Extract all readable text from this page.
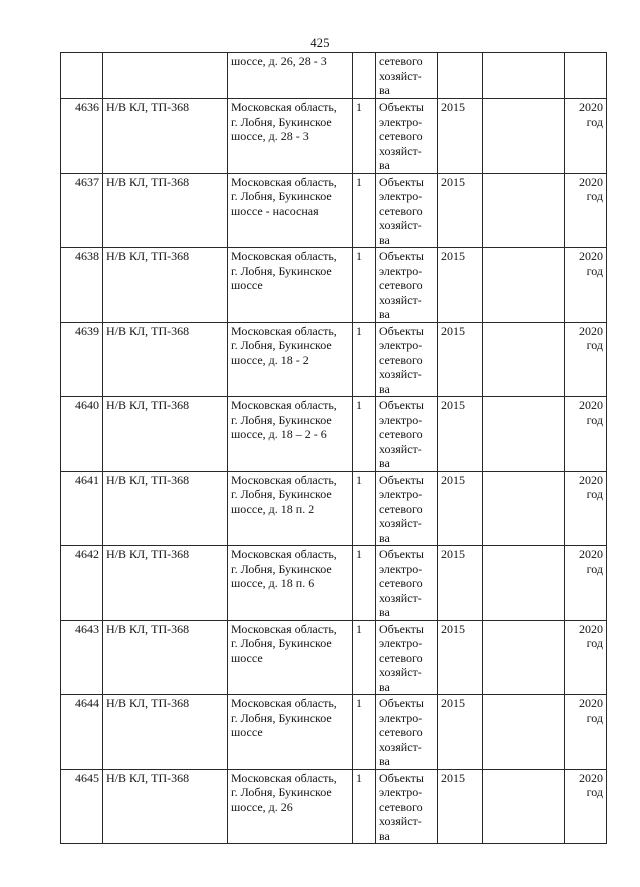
425

		шоссе, д. 26, 28 - 3		сетевого
хозяйст-
ва			

4636	Н/В КЛ, ТП-368	Московская область,
г. Лобня, Букинское
шоссе, д. 28 - 3	1	Объекты
электро-
сетевого
хозяйст-
ва	2015		2020
год

4637	Н/В КЛ, ТП-368	Московская область,
г. Лобня, Букинское
шоссе - насосная	1	Объекты
электро-
сетевого
хозяйст-
ва	2015		2020
год

4638	Н/В КЛ, ТП-368	Московская область,
г. Лобня, Букинское
шоссе	1	Объекты
электро-
сетевого
хозяйст-
ва	2015		2020
год

4639	Н/В КЛ, ТП-368	Московская область,
г. Лобня, Букинское
шоссе, д. 18 - 2	1	Объекты
электро-
сетевого
хозяйст-
ва	2015		2020
год

4640	Н/В КЛ, ТП-368	Московская область,
г. Лобня, Букинское
шоссе, д. 18 – 2 - 6	1	Объекты
электро-
сетевого
хозяйст-
ва	2015		2020
год

4641	Н/В КЛ, ТП-368	Московская область,
г. Лобня, Букинское
шоссе, д. 18 п. 2	1	Объекты
электро-
сетевого
хозяйст-
ва	2015		2020
год

4642	Н/В КЛ, ТП-368	Московская область,
г. Лобня, Букинское
шоссе, д. 18 п. 6	1	Объекты
электро-
сетевого
хозяйст-
ва	2015		2020
год

4643	Н/В КЛ, ТП-368	Московская область,
г. Лобня, Букинское
шоссе	1	Объекты
электро-
сетевого
хозяйст-
ва	2015		2020
год

4644	Н/В КЛ, ТП-368	Московская область,
г. Лобня, Букинское
шоссе	1	Объекты
электро-
сетевого
хозяйст-
ва	2015		2020
год

4645	Н/В КЛ, ТП-368	Московская область,
г. Лобня, Букинское
шоссе, д. 26	1	Объекты
электро-
сетевого
хозяйст-
ва	2015		2020
год
